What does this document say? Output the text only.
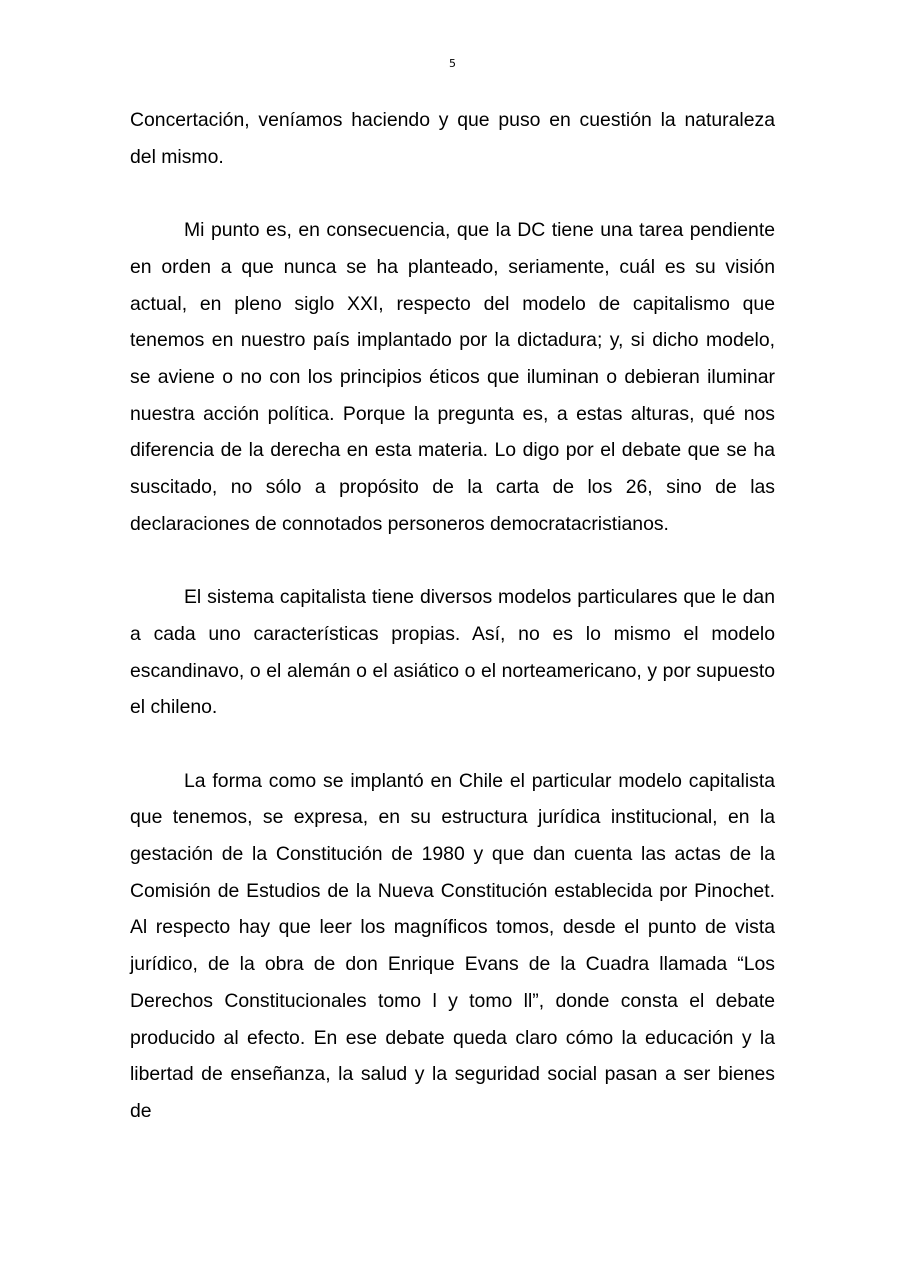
5

Concertación, veníamos haciendo y que puso en cuestión la naturaleza del mismo.

Mi punto es, en consecuencia, que la DC tiene una tarea pendiente en orden a que nunca se ha planteado, seriamente, cuál es su visión actual, en pleno siglo XXI, respecto del modelo de capitalismo que tenemos en nuestro país implantado por la dictadura; y, si dicho modelo, se aviene o no con los principios éticos que iluminan o debieran iluminar nuestra acción política. Porque la pregunta es, a estas alturas, qué nos diferencia de la derecha en esta materia. Lo digo por el debate que se ha suscitado, no sólo a propósito de la carta de los 26, sino de las declaraciones de connotados personeros democratacristianos.

El sistema capitalista tiene diversos modelos particulares que le dan a cada uno características propias. Así, no es lo mismo el modelo escandinavo, o el alemán o el asiático o el norteamericano, y por supuesto el chileno.

La forma como se implantó en Chile el particular modelo capitalista que tenemos, se expresa, en su estructura jurídica institucional, en la gestación de la Constitución de 1980 y que dan cuenta las actas de la Comisión de Estudios de la Nueva Constitución establecida por Pinochet. Al respecto hay que leer los magníficos tomos, desde el punto de vista jurídico, de la obra de don Enrique Evans de la Cuadra llamada “Los Derechos Constitucionales tomo l y tomo ll”, donde consta el debate producido al efecto. En ese debate queda claro cómo la educación y la libertad de enseñanza, la salud y la seguridad social pasan a ser bienes de
